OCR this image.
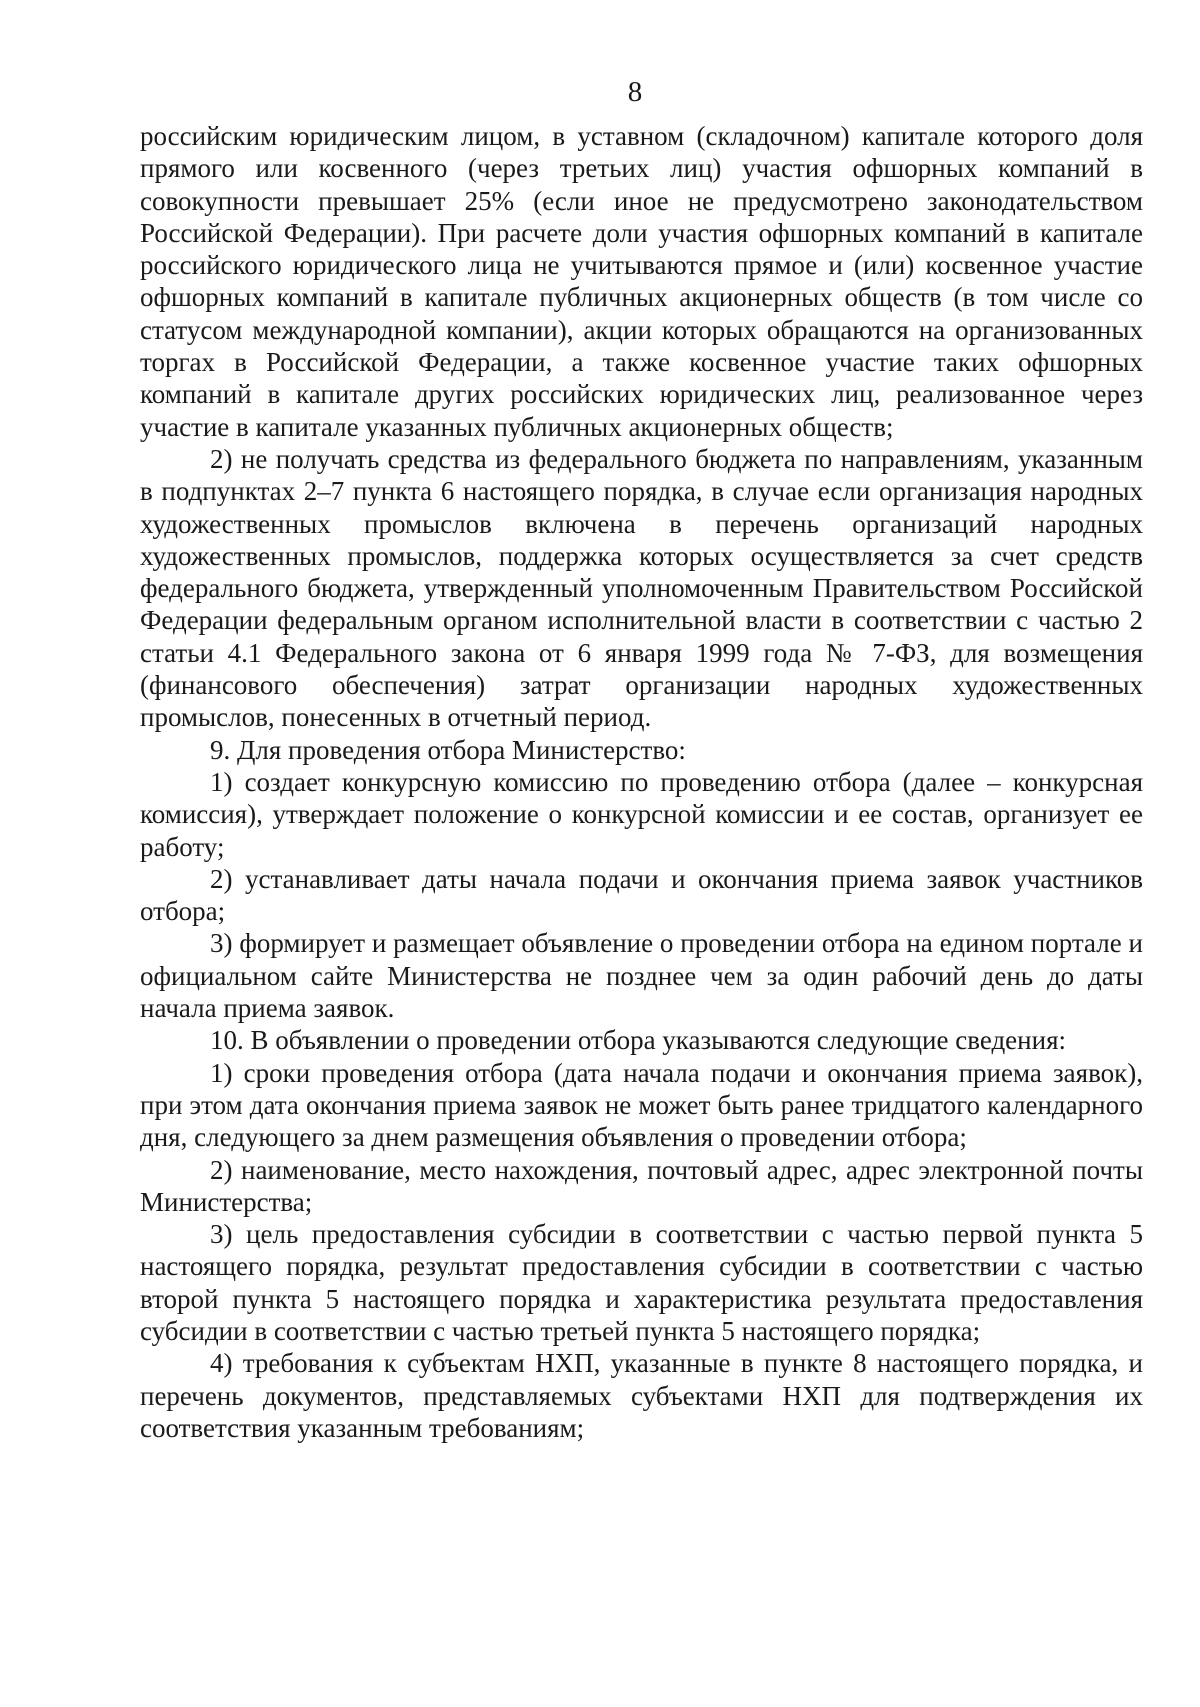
8

российским юридическим лицом, в уставном (складочном) капитале которого доля прямого или косвенного (через третьих лиц) участия офшорных компаний в совокупности превышает 25% (если иное не предусмотрено законодательством Российской Федерации). При расчете доли участия офшорных компаний в капитале российского юридического лица не учитываются прямое и (или) косвенное участие офшорных компаний в капитале публичных акционерных обществ (в том числе со статусом международной компании), акции которых обращаются на организованных торгах в Российской Федерации, а также косвенное участие таких офшорных компаний в капитале других российских юридических лиц, реализованное через участие в капитале указанных публичных акционерных обществ;

2) не получать средства из федерального бюджета по направлениям, указанным в подпунктах 2–7 пункта 6 настоящего порядка, в случае если организация народных художественных промыслов включена в перечень организаций народных художественных промыслов, поддержка которых осуществляется за счет средств федерального бюджета, утвержденный уполномоченным Правительством Российской Федерации федеральным органом исполнительной власти в соответствии с частью 2 статьи 4.1 Федерального закона от 6 января 1999 года № 7-ФЗ, для возмещения (финансового обеспечения) затрат организации народных художественных промыслов, понесенных в отчетный период.

9. Для проведения отбора Министерство:

1) создает конкурсную комиссию по проведению отбора (далее – конкурсная комиссия), утверждает положение о конкурсной комиссии и ее состав, организует ее работу;

2) устанавливает даты начала подачи и окончания приема заявок участников отбора;

3) формирует и размещает объявление о проведении отбора на едином портале и официальном сайте Министерства не позднее чем за один рабочий день до даты начала приема заявок.

10. В объявлении о проведении отбора указываются следующие сведения:

1) сроки проведения отбора (дата начала подачи и окончания приема заявок), при этом дата окончания приема заявок не может быть ранее тридцатого календарного дня, следующего за днем размещения объявления о проведении отбора;

2) наименование, место нахождения, почтовый адрес, адрес электронной почты Министерства;

3) цель предоставления субсидии в соответствии с частью первой пункта 5 настоящего порядка, результат предоставления субсидии в соответствии с частью второй пункта 5 настоящего порядка и характеристика результата предоставления субсидии в соответствии с частью третьей пункта 5 настоящего порядка;

4) требования к субъектам НХП, указанные в пункте 8 настоящего порядка, и перечень документов, представляемых субъектами НХП для подтверждения их соответствия указанным требованиям;
